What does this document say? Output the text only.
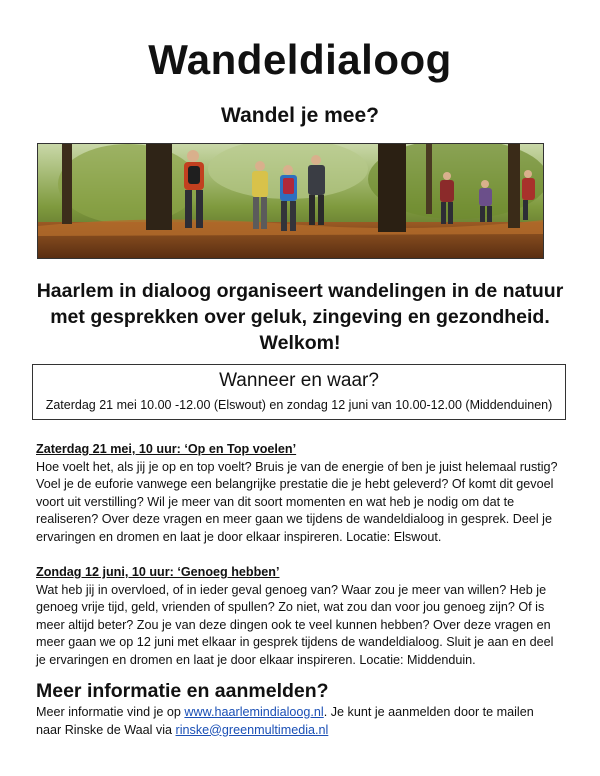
Wandeldialoog
Wandel je mee?
Haarlem in dialoog organiseert wandelingen in de natuur
met gesprekken over geluk, zingeving en gezondheid.
Welkom!
Wanneer en waar?
Zaterdag 21 mei 10.00 -12.00 (Elswout) en zondag 12 juni van 10.00-12.00 (Middenduinen)
Zaterdag 21 mei, 10 uur: ‘Op en Top voelen’

Hoe voelt het, als jij je op en top voelt? Bruis je van de energie of ben je juist helemaal rustig?

Voel je de euforie vanwege een belangrijke prestatie die je hebt geleverd? Of komt dit gevoel

voort uit verstilling? Wil je meer van dit soort momenten en wat heb je nodig om dat te

realiseren? Over deze vragen en meer gaan we tijdens de wandeldialoog in gesprek. Deel je

ervaringen en dromen en laat je door elkaar inspireren. Locatie: Elswout.

Zondag 12 juni, 10 uur: ‘Genoeg hebben’

Wat heb jij in overvloed, of in ieder geval genoeg van? Waar zou je meer van willen? Heb je

genoeg vrije tijd, geld, vrienden of spullen? Zo niet, wat zou dan voor jou genoeg zijn? Of is

meer altijd beter? Zou je van deze dingen ook te veel kunnen hebben? Over deze vragen en

meer gaan we op 12 juni met elkaar in gesprek tijdens de wandeldialoog. Sluit je aan en deel

je ervaringen en dromen en laat je door elkaar inspireren. Locatie: Middenduin.

Meer informatie en aanmelden?
Meer informatie vind je op www.haarlemindialoog.nl. Je kunt je aanmelden door te mailen
naar Rinske de Waal via rinske@greenmultimedia.nl
